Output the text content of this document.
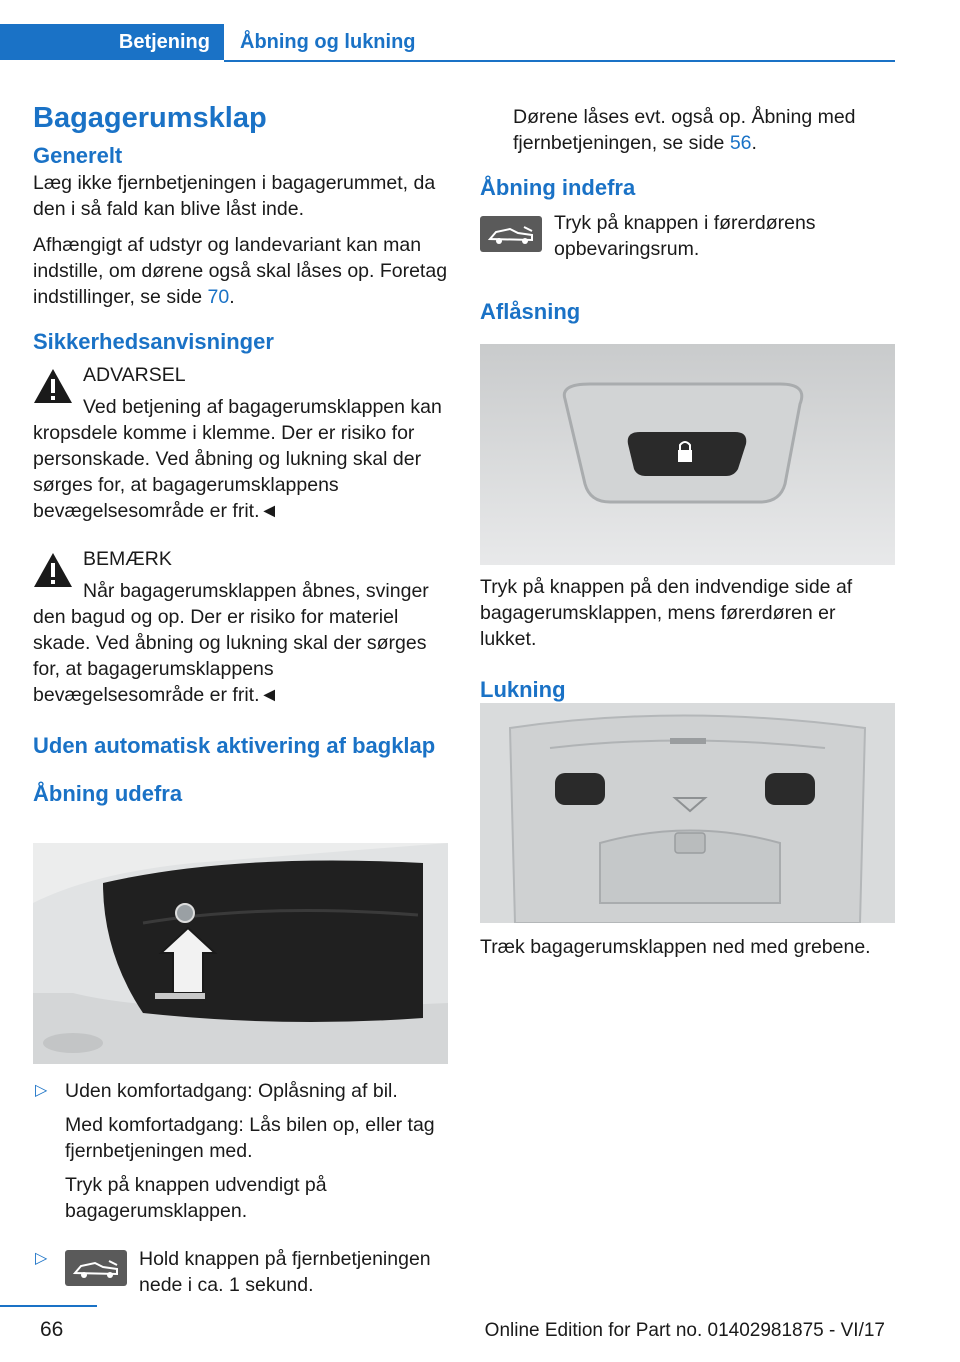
Betjening	Åbning og lukning
Bagagerumsklap
Generelt

Læg ikke fjernbetjeningen i bagagerummet, da den i så fald kan blive låst inde.

Afhængigt af udstyr og landevariant kan man indstille, om dørene også skal låses op. Foretag indstillinger, se side 70.

Sikkerhedsanvisninger
ADVARSEL

Ved betjening af bagagerumsklappen kan kropsdele komme i klemme. Der er risiko for personskade. Ved åbning og lukning skal der sørges for, at bagagerumsklappens bevægelsesområde er frit.◄

BEMÆRK

Når bagagerumsklappen åbnes, svinger den bagud og op. Der er risiko for materiel skade. Ved åbning og lukning skal der sørges for, at bagagerumsklappens bevægelsesområde er frit.◄

Uden automatisk aktivering af bagklap
Åbning udefra
▷ Uden komfortadgang: Oplåsning af bil.

Med komfortadgang: Lås bilen op, eller tag fjernbetjeningen med.

Tryk på knappen udvendigt på bagagerumsklappen.

▷	Hold knappen på fjernbetjeningen nede i ca. 1 sekund.

Dørene låses evt. også op. Åbning med fjernbetjeningen, se side 56.

Åbning indefra

Tryk på knappen i førerdørens opbevaringsrum.

Aflåsning

Tryk på knappen på den indvendige side af bagagerumsklappen, mens førerdøren er lukket.

Lukning

Træk bagagerumsklappen ned med grebene.

66	Online Edition for Part no. 01402981875 - VI/17
